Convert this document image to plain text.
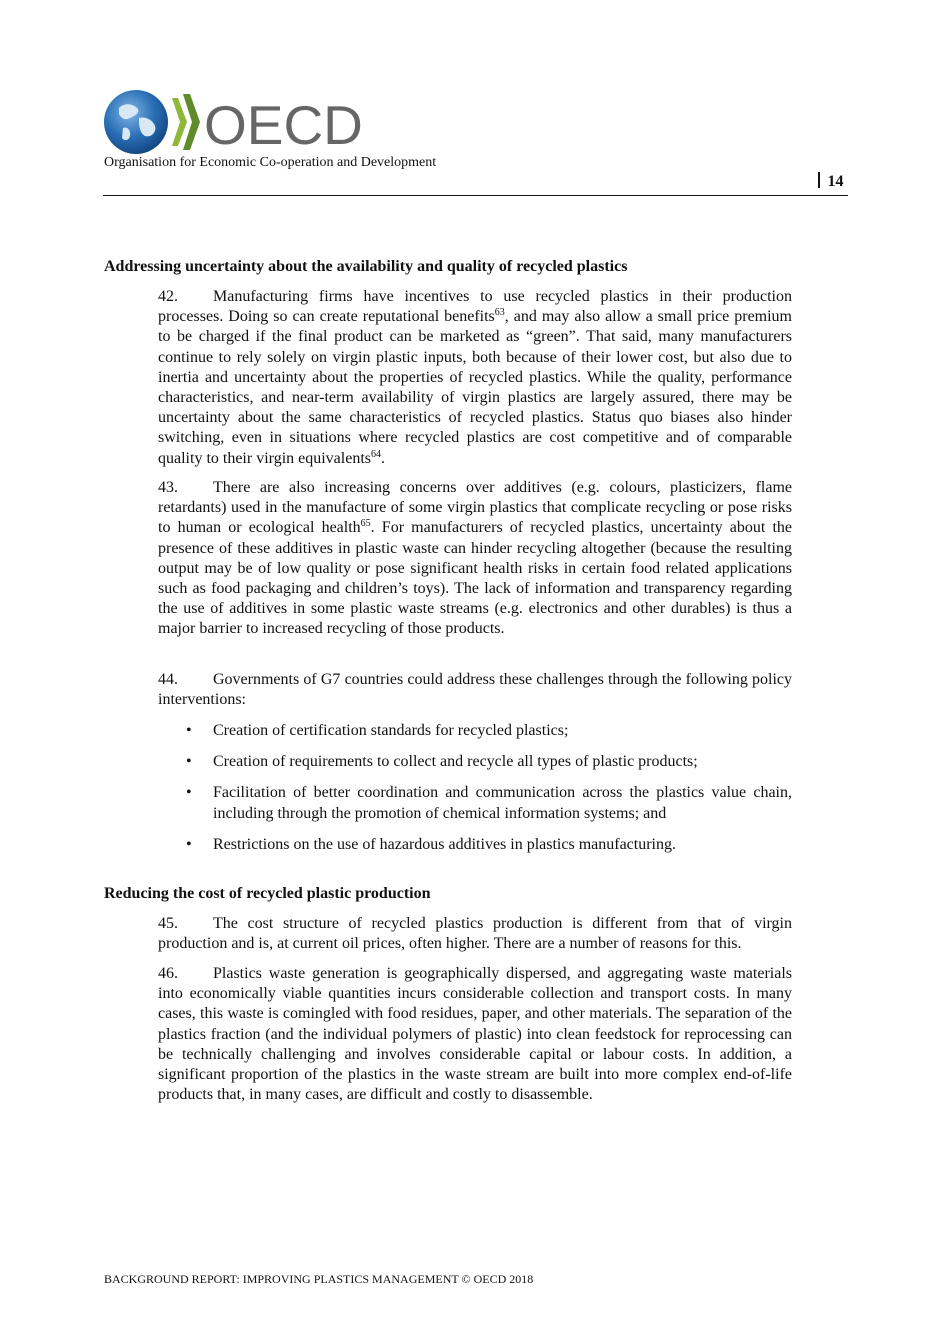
OECD
Organisation for Economic Co-operation and Development
14
Addressing uncertainty about the availability and quality of recycled plastics

42. Manufacturing firms have incentives to use recycled plastics in their production processes. Doing so can create reputational benefits$^{63}$, and may also allow a small price premium to be charged if the final product can be marketed as “green”. That said, many manufacturers continue to rely solely on virgin plastic inputs, both because of their lower cost, but also due to inertia and uncertainty about the properties of recycled plastics. While the quality, performance characteristics, and near-term availability of virgin plastics are largely assured, there may be uncertainty about the same characteristics of recycled plastics. Status quo biases also hinder switching, even in situations where recycled plastics are cost competitive and of comparable quality to their virgin equivalents$^{64}$.

43. There are also increasing concerns over additives (e.g. colours, plasticizers, flame retardants) used in the manufacture of some virgin plastics that complicate recycling or pose risks to human or ecological health$^{65}$. For manufacturers of recycled plastics, uncertainty about the presence of these additives in plastic waste can hinder recycling altogether (because the resulting output may be of low quality or pose significant health risks in certain food related applications such as food packaging and children’s toys). The lack of information and transparency regarding the use of additives in some plastic waste streams (e.g. electronics and other durables) is thus a major barrier to increased recycling of those products.

44. Governments of G7 countries could address these challenges through the following policy interventions:

• Creation of certification standards for recycled plastics;
• Creation of requirements to collect and recycle all types of plastic products;
• Facilitation of better coordination and communication across the plastics value chain, including through the promotion of chemical information systems; and
• Restrictions on the use of hazardous additives in plastics manufacturing.
Reducing the cost of recycled plastic production

45. The cost structure of recycled plastics production is different from that of virgin production and is, at current oil prices, often higher. There are a number of reasons for this.

46. Plastics waste generation is geographically dispersed, and aggregating waste materials into economically viable quantities incurs considerable collection and transport costs. In many cases, this waste is comingled with food residues, paper, and other materials. The separation of the plastics fraction (and the individual polymers of plastic) into clean feedstock for reprocessing can be technically challenging and involves considerable capital or labour costs. In addition, a significant proportion of the plastics in the waste stream are built into more complex end-of-life products that, in many cases, are difficult and costly to disassemble.

BACKGROUND REPORT: IMPROVING PLASTICS MANAGEMENT © OECD 2018
